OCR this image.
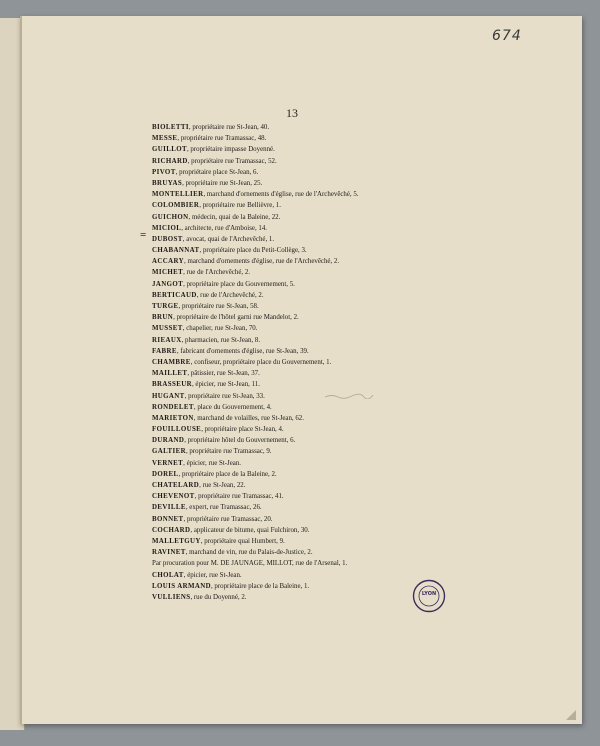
674
13
=
BIOLETTI, propriétaire rue St-Jean, 40.
MESSE, propriétaire rue Tramassac, 48.
GUILLOT, propriétaire impasse Doyenné.
RICHARD, propriétaire rue Tramassac, 52.
PIVOT, propriétaire place St-Jean, 6.
BRUYAS, propriétaire rue St-Jean, 25.
MONTELLIER, marchand d'ornements d'église, rue de l'Archevêché, 5.
COLOMBIER, propriétaire rue Bellièvre, 1.
GUICHON, médecin, quai de la Baleine, 22.
MICIOL, architecte, rue d'Amboise, 14.
DUBOST, avocat, quai de l'Archevêché, 1.
CHABANNAT, propriétaire place du Petit-Collège, 3.
ACCARY, marchand d'ornements d'église, rue de l'Archevêché, 2.
MICHET, rue de l'Archevêché, 2.
JANGOT, propriétaire place du Gouvernement, 5.
BERTICAUD, rue de l'Archevêché, 2.
TURGE, propriétaire rue St-Jean, 58.
BRUN, propriétaire de l'hôtel garni rue Mandelot, 2.
MUSSET, chapelier, rue St-Jean, 70.
RIEAUX, pharmacien, rue St-Jean, 8.
FABRE, fabricant d'ornements d'église, rue St-Jean, 39.
CHAMBRE, confiseur, propriétaire place du Gouvernement, 1.
MAILLET, pâtissier, rue St-Jean, 37.
BRASSEUR, épicier, rue St-Jean, 11.
HUGANT, propriétaire rue St-Jean, 33.
RONDELET, place du Gouvernement, 4.
MARIETON, marchand de volailles, rue St-Jean, 62.
FOUILLOUSE, propriétaire place St-Jean, 4.
DURAND, propriétaire hôtel du Gouvernement, 6.
GALTIER, propriétaire rue Tramassac, 9.
VERNET, épicier, rue St-Jean.
DOREL, propriétaire place de la Baleine, 2.
CHATELARD, rue St-Jean, 22.
CHEVENOT, propriétaire rue Tramassac, 41.
DEVILLE, expert, rue Tramassac, 26.
BONNET, propriétaire rue Tramassac, 20.
COCHARD, applicateur de bitume, quai Fulchiron, 30.
MALLETGUY, propriétaire quai Humbert, 9.
RAVINET, marchand de vin, rue du Palais-de-Justice, 2.
Par procuration pour M. DE JAUNAGE, MILLOT, rue de l'Arsenal, 1.
CHOLAT, épicier, rue St-Jean.
LOUIS ARMAND, propriétaire place de la Baleine, 1.
VULLIENS, rue du Doyenné, 2.	LYON
